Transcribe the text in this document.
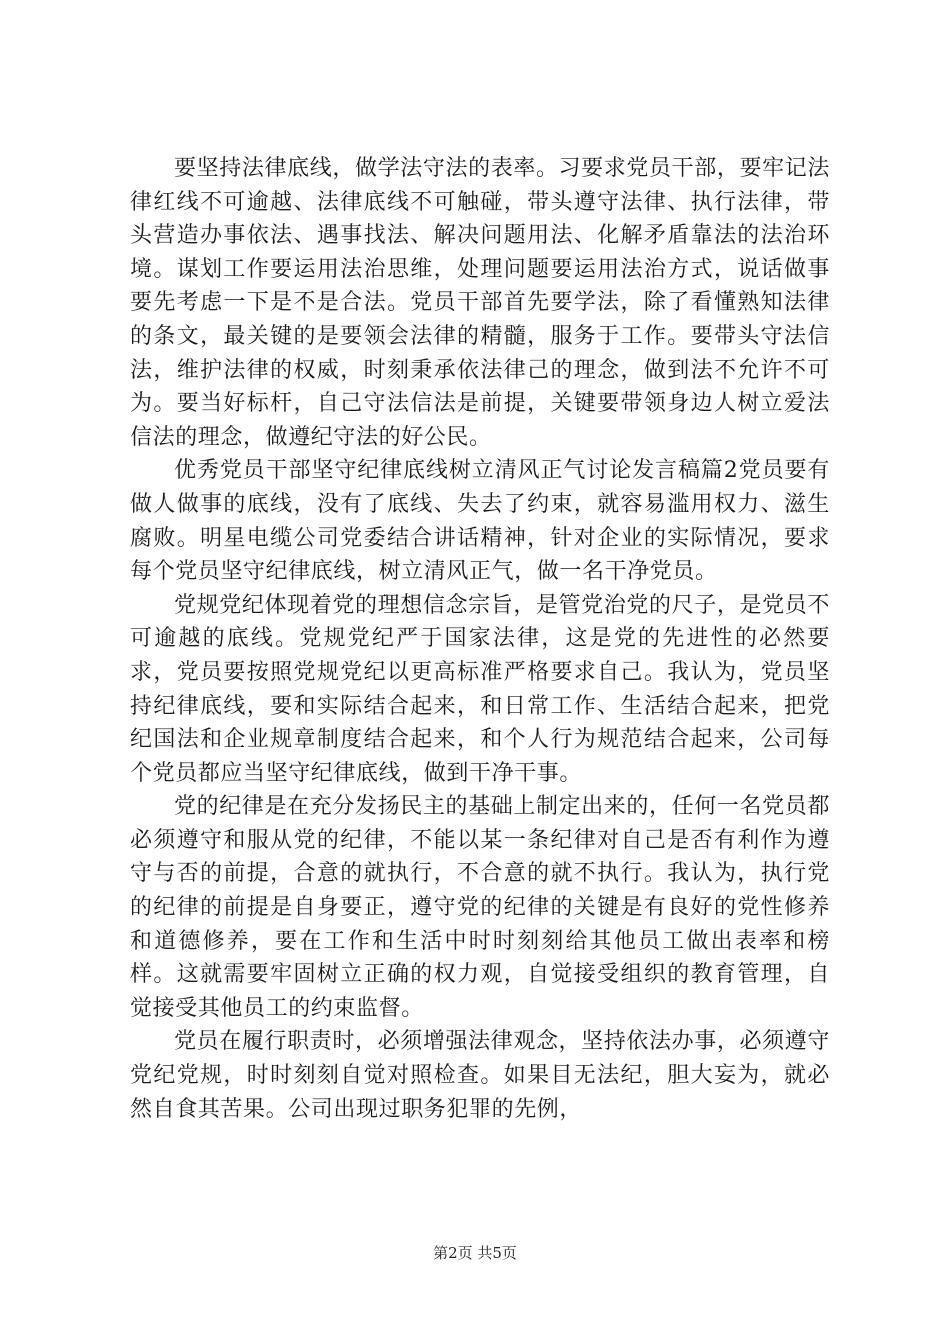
要坚持法律底线，做学法守法的表率。习要求党员干部，要牢记法律红线不可逾越、法律底线不可触碰，带头遵守法律、执行法律，带头营造办事依法、遇事找法、解决问题用法、化解矛盾靠法的法治环境。谋划工作要运用法治思维，处理问题要运用法治方式，说话做事要先考虑一下是不是合法。党员干部首先要学法，除了看懂熟知法律的条文，最关键的是要领会法律的精髓，服务于工作。要带头守法信法，维护法律的权威，时刻秉承依法律己的理念，做到法不允许不可为。要当好标杆，自己守法信法是前提，关键要带领身边人树立爱法信法的理念，做遵纪守法的好公民。

优秀党员干部坚守纪律底线树立清风正气讨论发言稿篇2党员要有做人做事的底线，没有了底线、失去了约束，就容易滥用权力、滋生腐败。明星电缆公司党委结合讲话精神，针对企业的实际情况，要求每个党员坚守纪律底线，树立清风正气，做一名干净党员。

党规党纪体现着党的理想信念宗旨，是管党治党的尺子，是党员不可逾越的底线。党规党纪严于国家法律，这是党的先进性的必然要求，党员要按照党规党纪以更高标准严格要求自己。我认为，党员坚持纪律底线，要和实际结合起来，和日常工作、生活结合起来，把党纪国法和企业规章制度结合起来，和个人行为规范结合起来，公司每个党员都应当坚守纪律底线，做到干净干事。

党的纪律是在充分发扬民主的基础上制定出来的，任何一名党员都必须遵守和服从党的纪律，不能以某一条纪律对自己是否有利作为遵守与否的前提，合意的就执行，不合意的就不执行。我认为，执行党的纪律的前提是自身要正，遵守党的纪律的关键是有良好的党性修养和道德修养，要在工作和生活中时时刻刻给其他员工做出表率和榜样。这就需要牢固树立正确的权力观，自觉接受组织的教育管理，自觉接受其他员工的约束监督。

党员在履行职责时，必须增强法律观念，坚持依法办事，必须遵守党纪党规，时时刻刻自觉对照检查。如果目无法纪，胆大妄为，就必然自食其苦果。公司出现过职务犯罪的先例，

第2页 共5页
